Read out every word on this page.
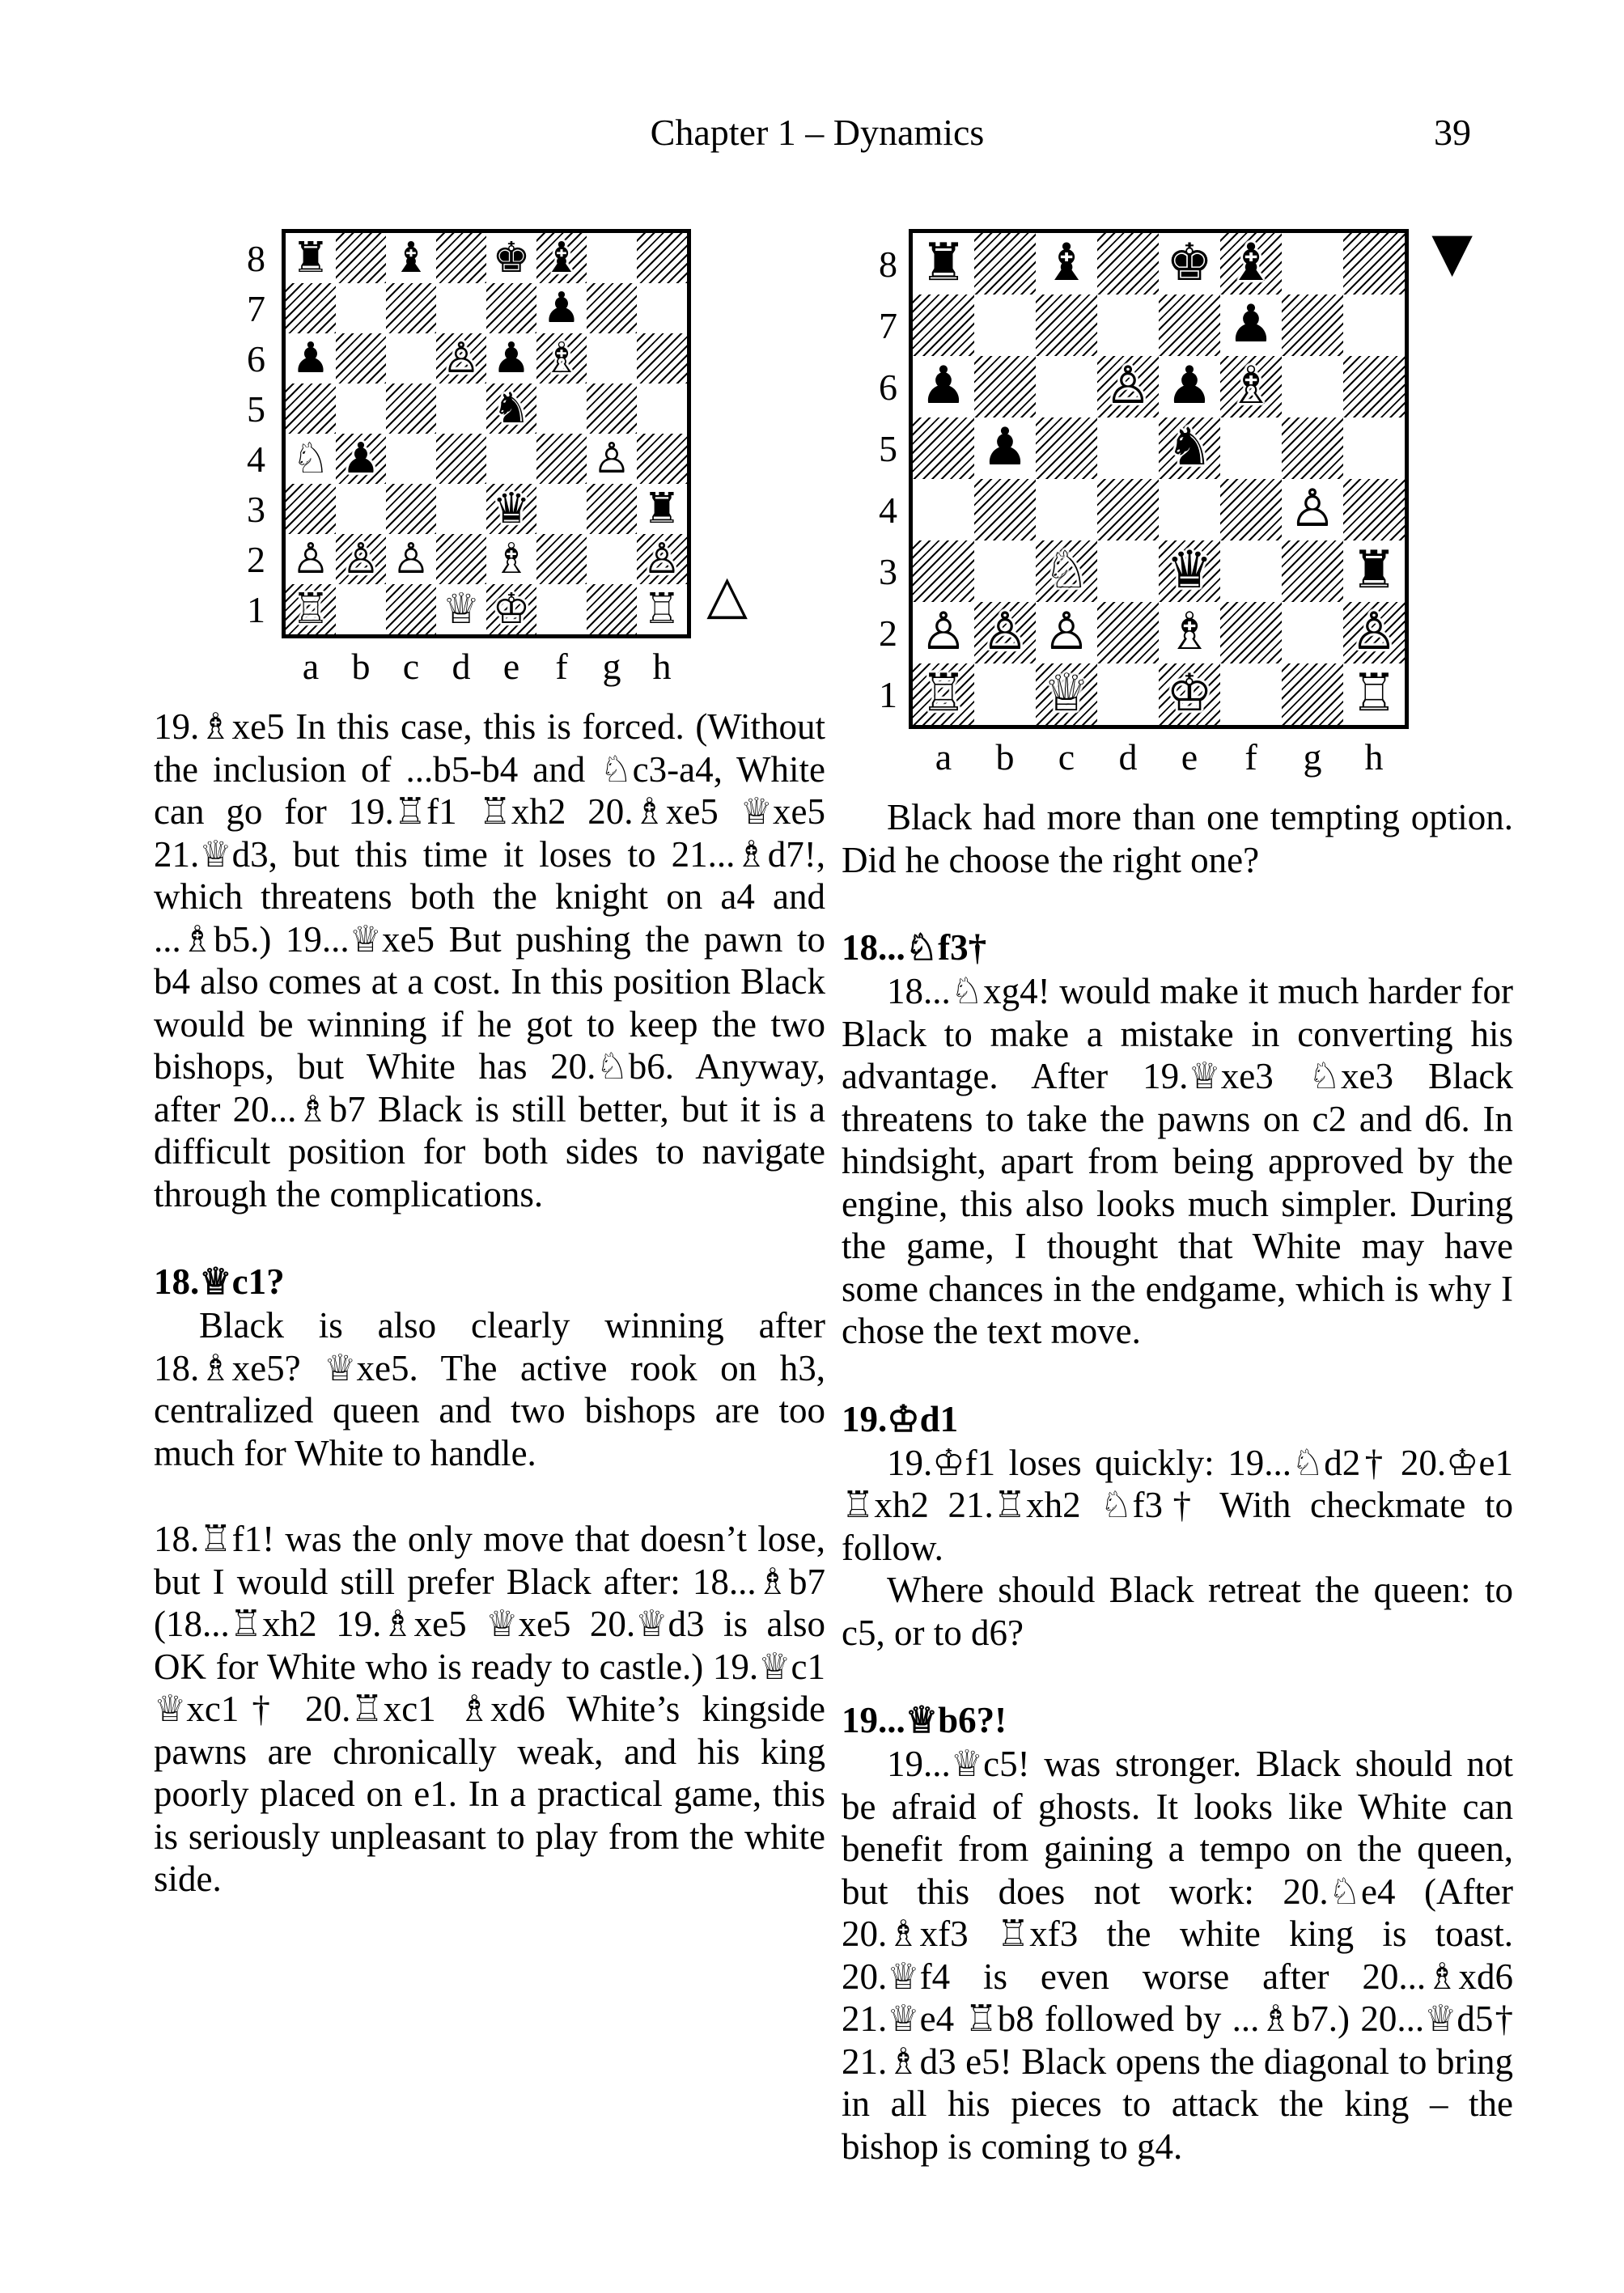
Chapter 1 – Dynamics	39
8
7
6
5
4
3
2
1
♜ ♝ ♚ ♝
♟
♟	♙ ♟ ♗
♞
♘ ♟	♙
♛	♜
♙ ♙ ♙ ♗	♙
♖	♕ ♔	♖
a b c d e f g h
△

19.♗xe5 In this case, this is forced. (Without the inclusion of ...b5-b4 and ♘c3-a4, White can go for 19.♖f1 ♖xh2 20.♗xe5 ♕xe5 21.♕d3, but this time it loses to 21...♗d7!, which threatens both the knight on a4 and ...♗b5.) 19...♕xe5 But pushing the pawn to b4 also comes at a cost. In this position Black would be winning if he got to keep the two bishops, but White has 20.♘b6. Anyway, after 20...♗b7 Black is still better, but it is a difficult position for both sides to navigate through the complications.

18.♕c1?

Black is also clearly winning after 18.♗xe5? ♕xe5. The active rook on h3, centralized queen and two bishops are too much for White to handle.

18.♖f1! was the only move that doesn’t lose, but I would still prefer Black after: 18...♗b7 (18...♖xh2 19.♗xe5 ♕xe5 20.♕d3 is also OK for White who is ready to castle.) 19.♕c1 ♕xc1† 20.♖xc1 ♗xd6 White’s kingside pawns are chronically weak, and his king poorly placed on e1. In a practical game, this is seriously unpleasant to play from the white side.

8
7
6
5
4
3
2
1
♜ ♝ ♚ ♝
♟
♟	♙ ♟ ♗
♟	♞
♙
♘ ♛	♜
♙ ♙ ♙ ♗	♙
♖ ♕ ♔	♖
a	b	c	d	e	f	g	h
▼

Black had more than one tempting option. Did he choose the right one?

18...♘f3†

18...♘xg4! would make it much harder for Black to make a mistake in converting his advantage. After 19.♕xe3 ♘xe3 Black threatens to take the pawns on c2 and d6. In hindsight, apart from being approved by the engine, this also looks much simpler. During the game, I thought that White may have some chances in the endgame, which is why I chose the text move.

19.♔d1

19.♔f1 loses quickly: 19...♘d2† 20.♔e1 ♖xh2 21.♖xh2 ♘f3† With checkmate to follow.

Where should Black retreat the queen: to c5, or to d6?

19...♕b6?!

19...♕c5! was stronger. Black should not be afraid of ghosts. It looks like White can benefit from gaining a tempo on the queen, but this does not work: 20.♘e4 (After 20.♗xf3 ♖xf3 the white king is toast. 20.♕f4 is even worse after 20...♗xd6 21.♕e4 ♖b8 followed by ...♗b7.) 20...♕d5† 21.♗d3 e5! Black opens the diagonal to bring in all his pieces to attack the king – the bishop is coming to g4.
